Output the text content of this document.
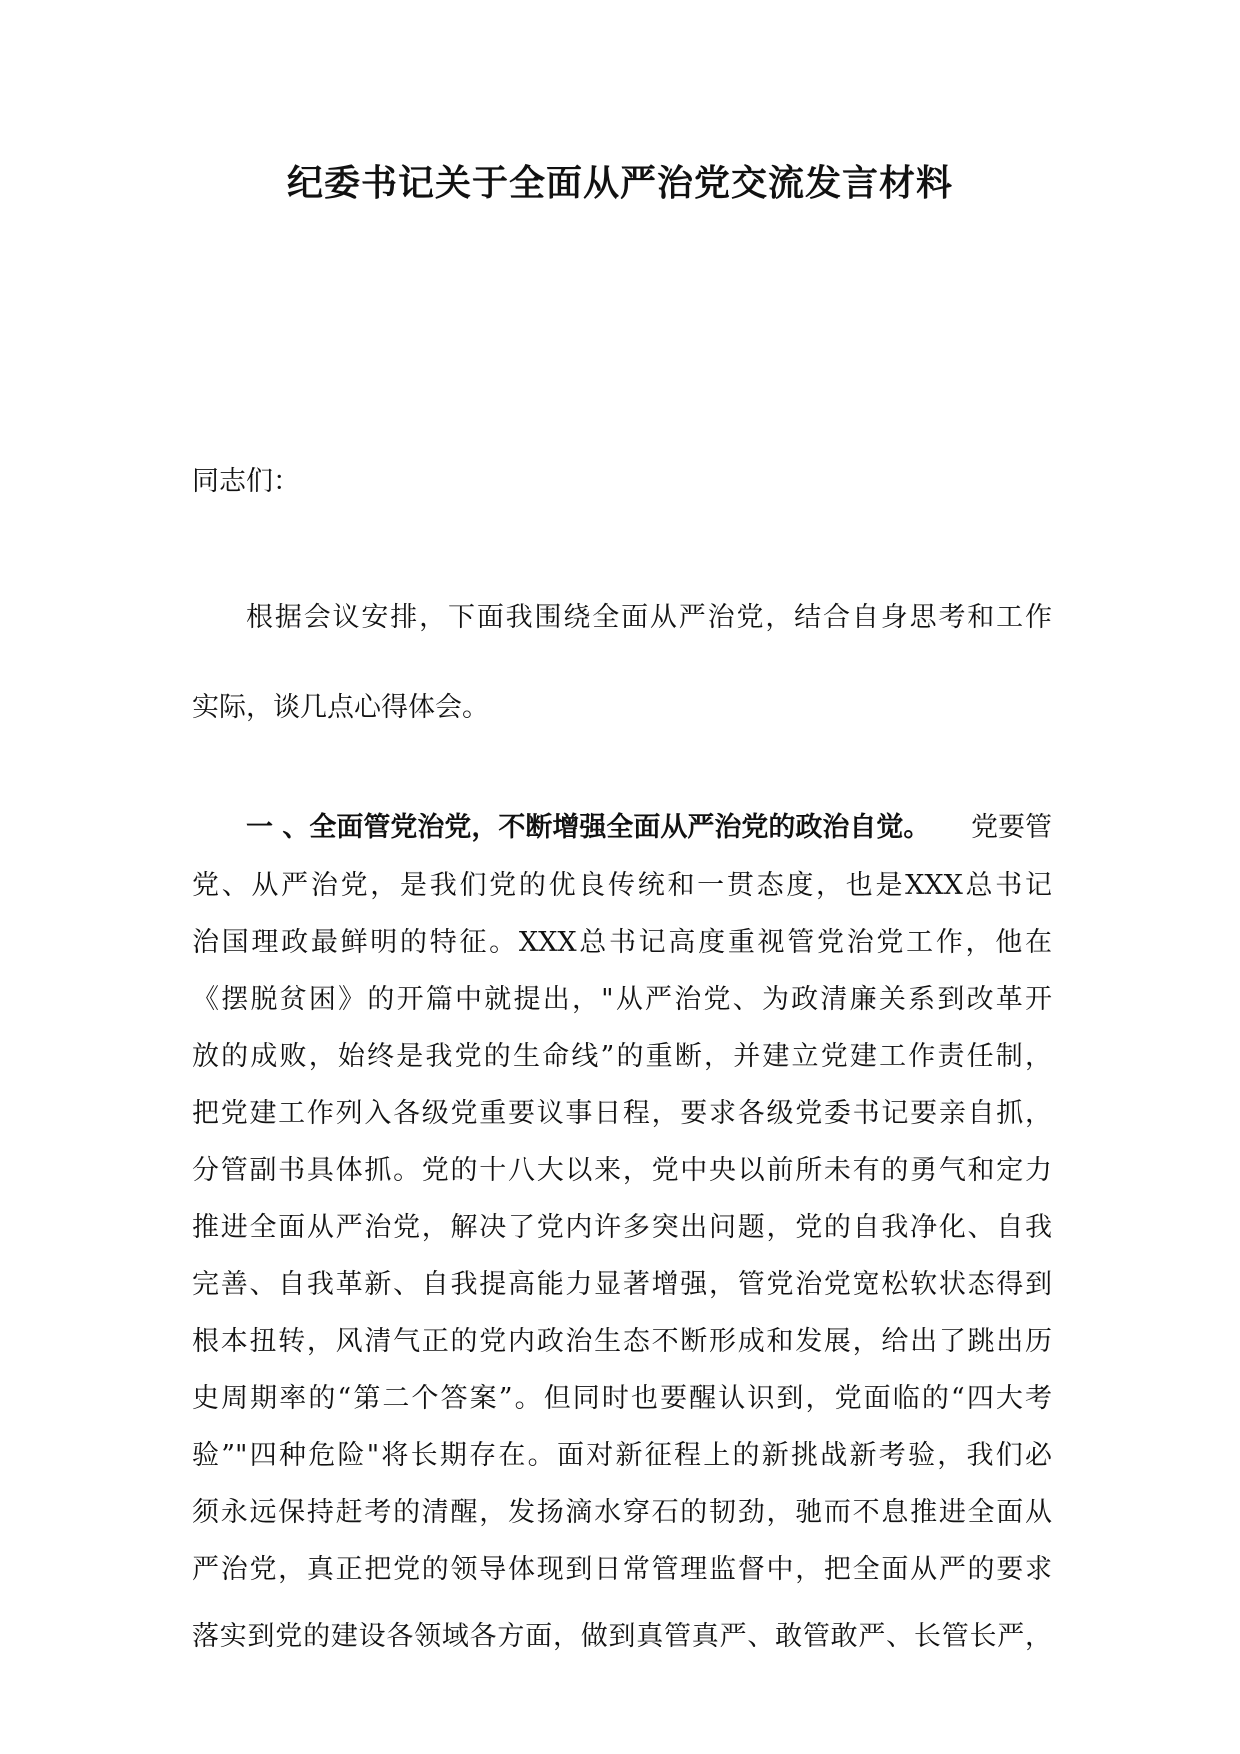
纪委书记关于全面从严治党交流发言材料

同志们：

根据会议安排，下面我围绕全面从严治党，结合自身思考和工作

实际，谈几点心得体会。

一 、全面管党治党，不断增强全面从严治党的政治自觉。 党要管

党、从严治党，是我们党的优良传统和一贯态度，也是XXX总书记

治国理政最鲜明的特征。XXX总书记高度重视管党治党工作，他在

《摆脱贫困》的开篇中就提出，"从严治党、为政清廉关系到改革开

放的成败，始终是我党的生命线”的重断，并建立党建工作责任制，

把党建工作列入各级党重要议事日程，要求各级党委书记要亲自抓，

分管副书具体抓。党的十八大以来，党中央以前所未有的勇气和定力

推进全面从严治党，解决了党内许多突出问题，党的自我净化、自我

完善、自我革新、自我提高能力显著增强，管党治党宽松软状态得到

根本扭转，风清气正的党内政治生态不断形成和发展，给出了跳出历

史周期率的“第二个答案”。但同时也要醒认识到，党面临的“四大考

验”"四种危险"将长期存在。面对新征程上的新挑战新考验，我们必

须永远保持赶考的清醒，发扬滴水穿石的韧劲，驰而不息推进全面从

严治党，真正把党的领导体现到日常管理监督中，把全面从严的要求

落实到党的建设各领域各方面，做到真管真严、敢管敢严、长管长严，
